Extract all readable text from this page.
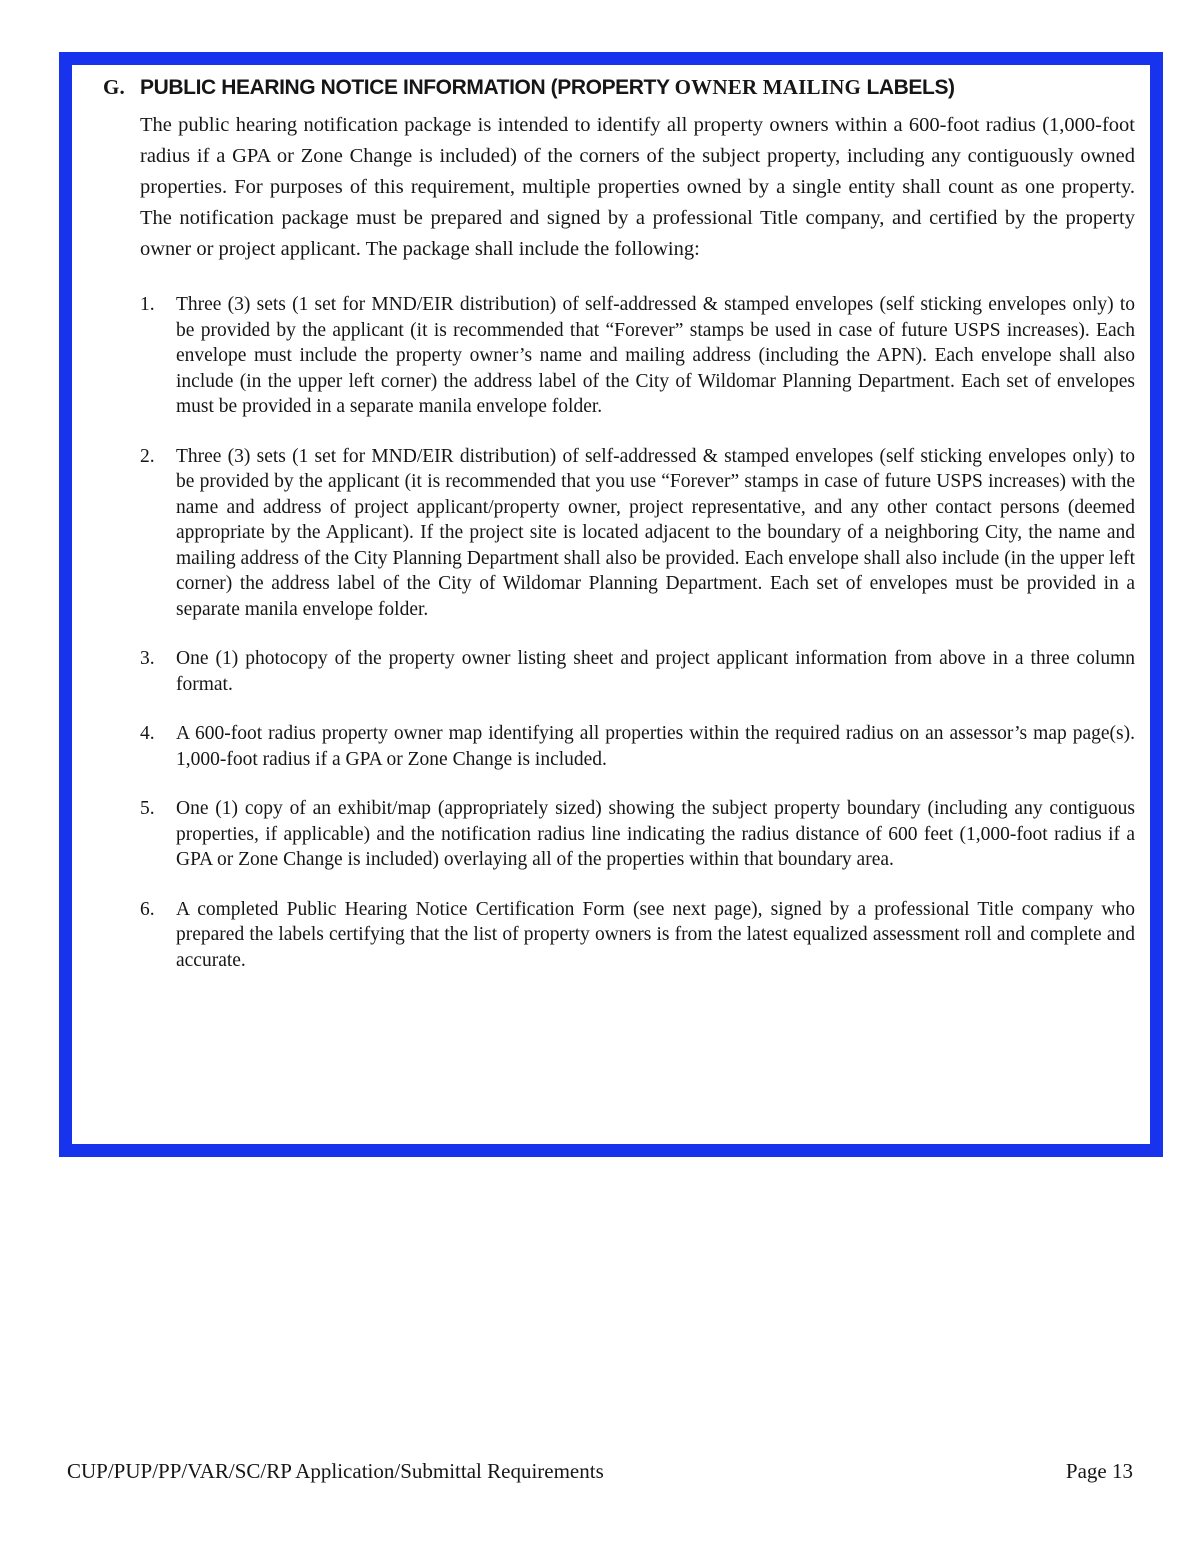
G. PUBLIC HEARING NOTICE INFORMATION (PROPERTY OWNER MAILING LABELS)

The public hearing notification package is intended to identify all property owners within a 600-foot radius (1,000-foot radius if a GPA or Zone Change is included) of the corners of the subject property, including any contiguously owned properties. For purposes of this requirement, multiple properties owned by a single entity shall count as one property. The notification package must be prepared and signed by a professional Title company, and certified by the property owner or project applicant. The package shall include the following:

1.	Three (3) sets (1 set for MND/EIR distribution) of self-addressed & stamped envelopes (self sticking envelopes only) to be provided by the applicant (it is recommended that “Forever” stamps be used in case of future USPS increases). Each envelope must include the property owner’s name and mailing address (including the APN). Each envelope shall also include (in the upper left corner) the address label of the City of Wildomar Planning Department. Each set of envelopes must be provided in a separate manila envelope folder.
2.	Three (3) sets (1 set for MND/EIR distribution) of self-addressed & stamped envelopes (self sticking envelopes only) to be provided by the applicant (it is recommended that you use “Forever” stamps in case of future USPS increases) with the name and address of project applicant/property owner, project representative, and any other contact persons (deemed appropriate by the Applicant). If the project site is located adjacent to the boundary of a neighboring City, the name and mailing address of the City Planning Department shall also be provided. Each envelope shall also include (in the upper left corner) the address label of the City of Wildomar Planning Department. Each set of envelopes must be provided in a separate manila envelope folder.
3.	One (1) photocopy of the property owner listing sheet and project applicant information from above in a three column format.
4.	A 600-foot radius property owner map identifying all properties within the required radius on an assessor’s map page(s). 1,000-foot radius if a GPA or Zone Change is included.
5.	One (1) copy of an exhibit/map (appropriately sized) showing the subject property boundary (including any contiguous properties, if applicable) and the notification radius line indicating the radius distance of 600 feet (1,000-foot radius if a GPA or Zone Change is included) overlaying all of the properties within that boundary area.
6.	A completed Public Hearing Notice Certification Form (see next page), signed by a professional Title company who prepared the labels certifying that the list of property owners is from the latest equalized assessment roll and complete and accurate.
CUP/PUP/PP/VAR/SC/RP Application/Submittal Requirements	Page 13
